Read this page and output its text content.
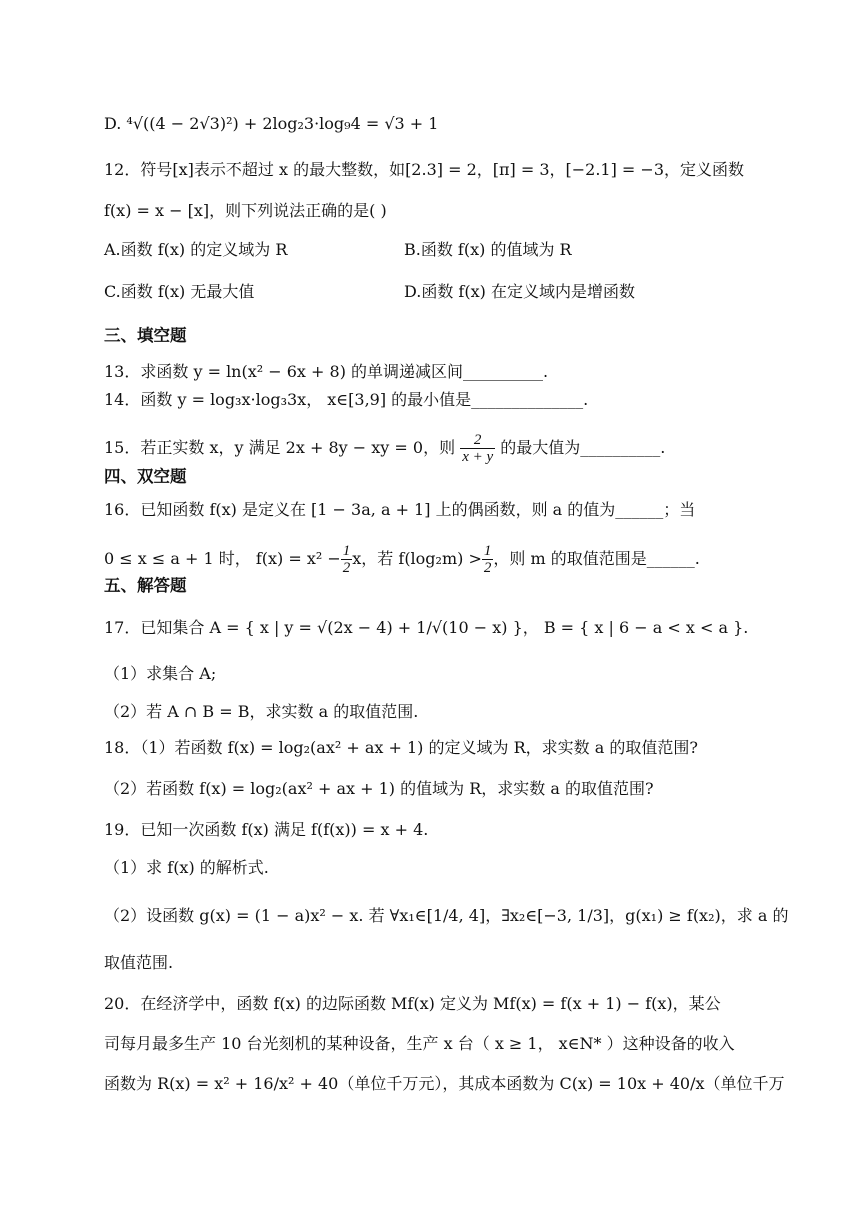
D. ⁴√((4 − 2√3)²) + 2log₂3·log₉4 = √3 + 1
12．符号[x]表示不超过 x 的最大整数，如[2.3] = 2，[π] = 3，[−2.1] = −3，定义函数
f(x) = x − [x]，则下列说法正确的是( )
A.函数 f(x) 的定义域为 R	B.函数 f(x) 的值域为 R
C.函数 f(x) 无最大值	D.函数 f(x) 在定义域内是增函数
三、填空题
13．求函数 y = ln(x² − 6x + 8) 的单调递减区间__________.
14．函数 y = log₃x·log₃3x， x∈[3,9] 的最小值是______________.
15．若正实数 x，y 满足 2x + 8y − xy = 0，则 $\frac{2}{x + y}$ 的最大值为__________.
四、双空题
16．已知函数 f(x) 是定义在 [1 − 3a, a + 1] 上的偶函数，则 a 的值为______；当
0 ≤ x ≤ a + 1 时， $f(x) = x^2 - \frac{1}{2}$ x，若 $f(\log_2m) > \frac{1}{2}$ ，则 m 的取值范围是______.
五、解答题
17．已知集合 A = { x | y = √(2x − 4) + 1/√(10 − x) }， B = { x | 6 − a < x < a }.
（1）求集合 A;
（2）若 A ∩ B = B，求实数 a 的取值范围.
18．（1）若函数 f(x) = log₂(ax² + ax + 1) 的定义域为 R，求实数 a 的取值范围?
（2）若函数 f(x) = log₂(ax² + ax + 1) 的值域为 R，求实数 a 的取值范围?
19．已知一次函数 f(x) 满足 f(f(x)) = x + 4.
（1）求 f(x) 的解析式.
（2）设函数 g(x) = (1 − a)x² − x. 若 ∀x₁∈[1/4, 4]，∃x₂∈[−3, 1/3]，g(x₁) ≥ f(x₂)，求 a 的
取值范围.
20．在经济学中，函数 f(x) 的边际函数 Mf(x) 定义为 Mf(x) = f(x + 1) − f(x)，某公
司每月最多生产 10 台光刻机的某种设备，生产 x 台（ x ≥ 1， x∈N* ）这种设备的收入
函数为 R(x) = x² + 16/x² + 40（单位千万元），其成本函数为 C(x) = 10x + 40/x（单位千万
